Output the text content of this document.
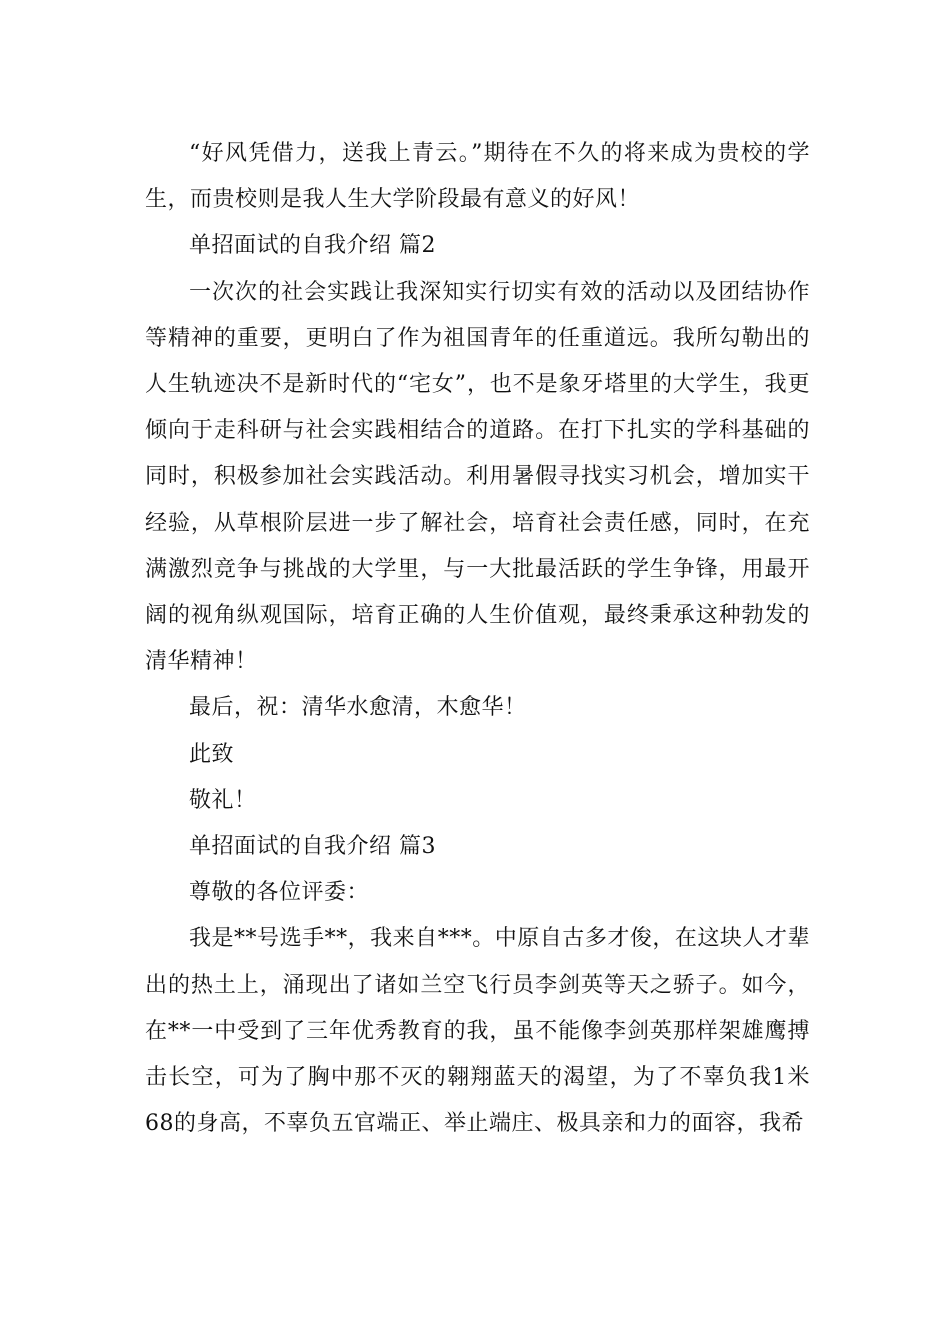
“好风凭借力，送我上青云。”期待在不久的将来成为贵校的学生，而贵校则是我人生大学阶段最有意义的好风！

单招面试的自我介绍 篇2

一次次的社会实践让我深知实行切实有效的活动以及团结协作等精神的重要，更明白了作为祖国青年的任重道远。我所勾勒出的人生轨迹决不是新时代的“宅女”，也不是象牙塔里的大学生，我更倾向于走科研与社会实践相结合的道路。在打下扎实的学科基础的同时，积极参加社会实践活动。利用暑假寻找实习机会，增加实干经验，从草根阶层进一步了解社会，培育社会责任感，同时，在充满激烈竞争与挑战的大学里，与一大批最活跃的学生争锋，用最开阔的视角纵观国际，培育正确的人生价值观，最终秉承这种勃发的清华精神！

最后，祝：清华水愈清，木愈华！

此致

敬礼！

单招面试的自我介绍 篇3

尊敬的各位评委：

我是**号选手**，我来自***。中原自古多才俊，在这块人才辈出的热土上，涌现出了诸如兰空飞行员李剑英等天之骄子。如今，在**一中受到了三年优秀教育的我，虽不能像李剑英那样架雄鹰搏击长空，可为了胸中那不灭的翱翔蓝天的渴望，为了不辜负我1米68的身高，不辜负五官端正、举止端庄、极具亲和力的面容，我希
